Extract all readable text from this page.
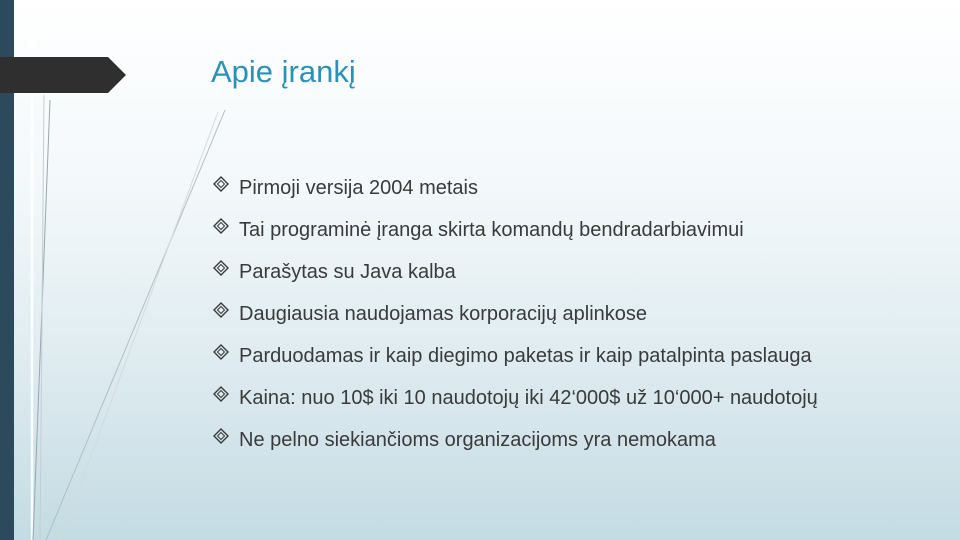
Apie įrankį
Pirmoji versija 2004 metais
Tai programinė įranga skirta komandų bendradarbiavimui
Parašytas su Java kalba
Daugiausia naudojamas korporacijų aplinkose
Parduodamas ir kaip diegimo paketas ir kaip patalpinta paslauga
Kaina: nuo 10$ iki 10 naudotojų iki 42‘000$ už 10‘000+ naudotojų
Ne pelno siekiančioms organizacijoms yra nemokama
